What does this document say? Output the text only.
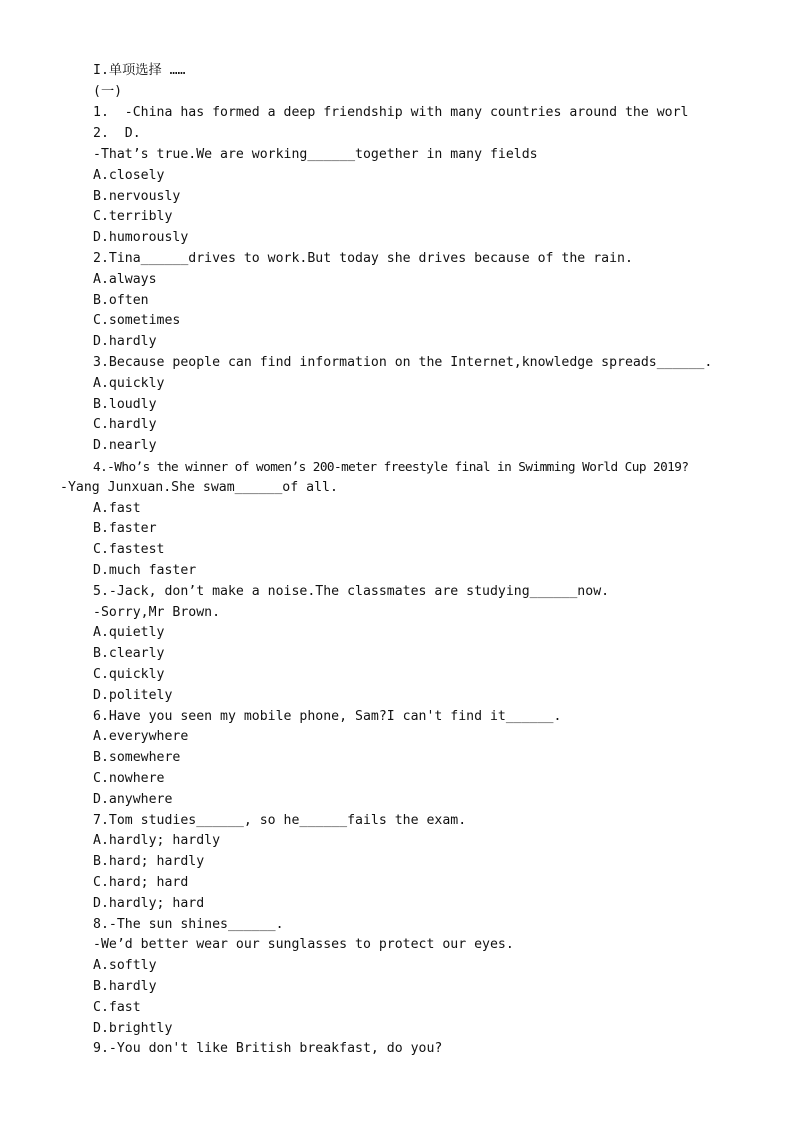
I.单项选择 ……
(一)
1.  -China has formed a deep friendship with many countries around the worl
2.  D.
-That’s true.We are working______together in many fields
A.closely
B.nervously
C.terribly
D.humorously
2.Tina______drives to work.But today she drives because of the rain.
A.always
B.often
C.sometimes
D.hardly
3.Because people can find information on the Internet,knowledge spreads______.
A.quickly
B.loudly
C.hardly
D.nearly
4.-Who’s the winner of women’s 200-meter freestyle final in Swimming World Cup 2019?
-Yang Junxuan.She swam______of all.
A.fast
B.faster
C.fastest
D.much faster
5.-Jack, don’t make a noise.The classmates are studying______now.
-Sorry,Mr Brown.
A.quietly
B.clearly
C.quickly
D.politely
6.Have you seen my mobile phone, Sam?I can't find it______.
A.everywhere
B.somewhere
C.nowhere
D.anywhere
7.Tom studies______, so he______fails the exam.
A.hardly; hardly
B.hard; hardly
C.hard; hard
D.hardly; hard
8.-The sun shines______.
-We’d better wear our sunglasses to protect our eyes.
A.softly
B.hardly
C.fast
D.brightly
9.-You don't like British breakfast, do you?
